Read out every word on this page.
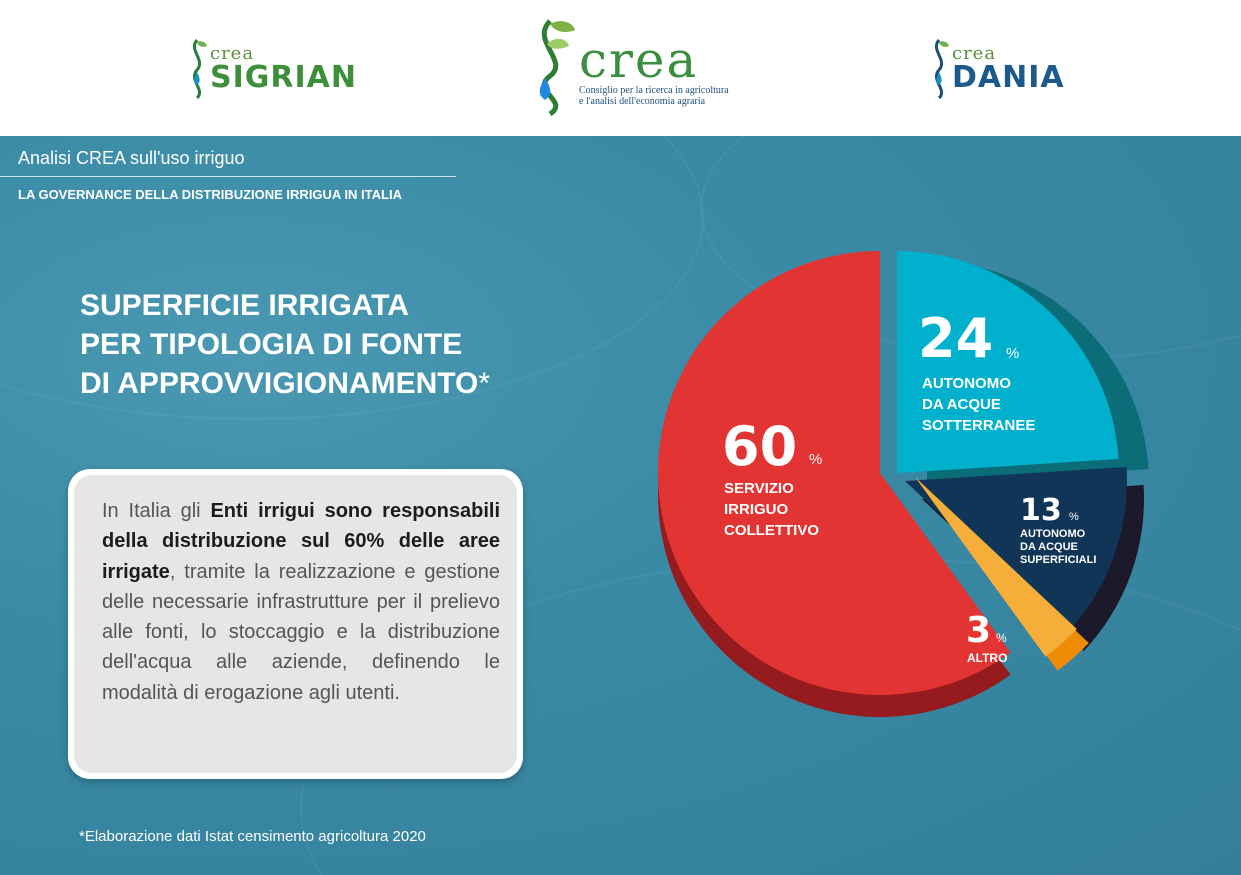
crea
SIGRIAN	crea
Consiglio per la ricerca in agricoltura
e l'analisi dell'economia agraria
crea
DANIA
Analisi CREA sull'uso irriguo
LA GOVERNANCE DELLA DISTRIBUZIONE IRRIGUA IN ITALIA
SUPERFICIE IRRIGATA
PER TIPOLOGIA DI FONTE
DI APPROVVIGIONAMENTO*
In Italia gli Enti irrigui sono responsabili della distribuzione sul 60% delle aree irrigate, tramite la realizzazione e gestione delle necessarie infrastrutture per il prelievo alle fonti, lo stoccaggio e la distribuzione dell'acqua alle aziende, definendo le modalità di erogazione agli utenti.
*Elaborazione dati Istat censimento agricoltura 2020
24 %
AUTONOMO
DA ACQUE
SOTTERRANEE
13 %
AUTONOMO
DA ACQUE
SUPERFICIALI
3 %
ALTRO
60 %
SERVIZIO
IRRIGUO
COLLETTIVO
